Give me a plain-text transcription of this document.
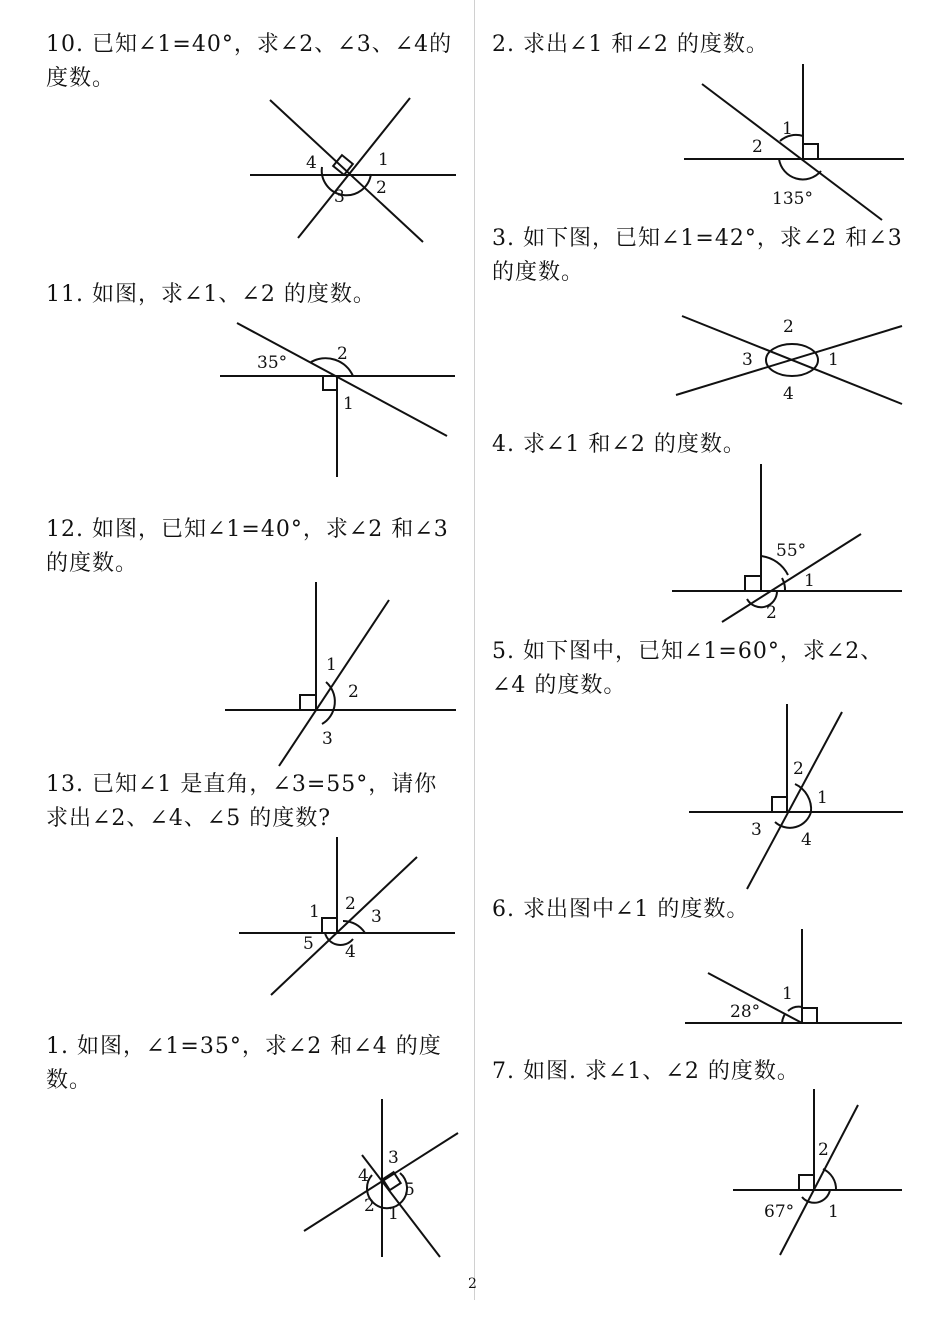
10. 已知∠1=40°，求∠2、∠3、∠4的度数。

4	1
3 2

11. 如图，求∠1、∠2 的度数。

35°	2
1

12. 如图，已知∠1=40°，求∠2 和∠3 的度数。

1
2
3

13. 已知∠1 是直角，∠3=55°，请你求出∠2、∠4、∠5 的度数?

1 2
3
5 4

1. 如图，∠1=35°，求∠2 和∠4 的度数。

3
4
5
2 1

2. 求出∠1 和∠2 的度数。

1
2
135°

3. 如下图，已知∠1=42°，求∠2 和∠3 的度数。

2
3	1
4

4. 求∠1 和∠2 的度数。

55°
1
2

5. 如下图中，已知∠1=60°，求∠2、∠4 的度数。

2
1
3 4

6. 求出图中∠1 的度数。

1
28°

7. 如图. 求∠1、∠2 的度数。

2
67° 1
2
